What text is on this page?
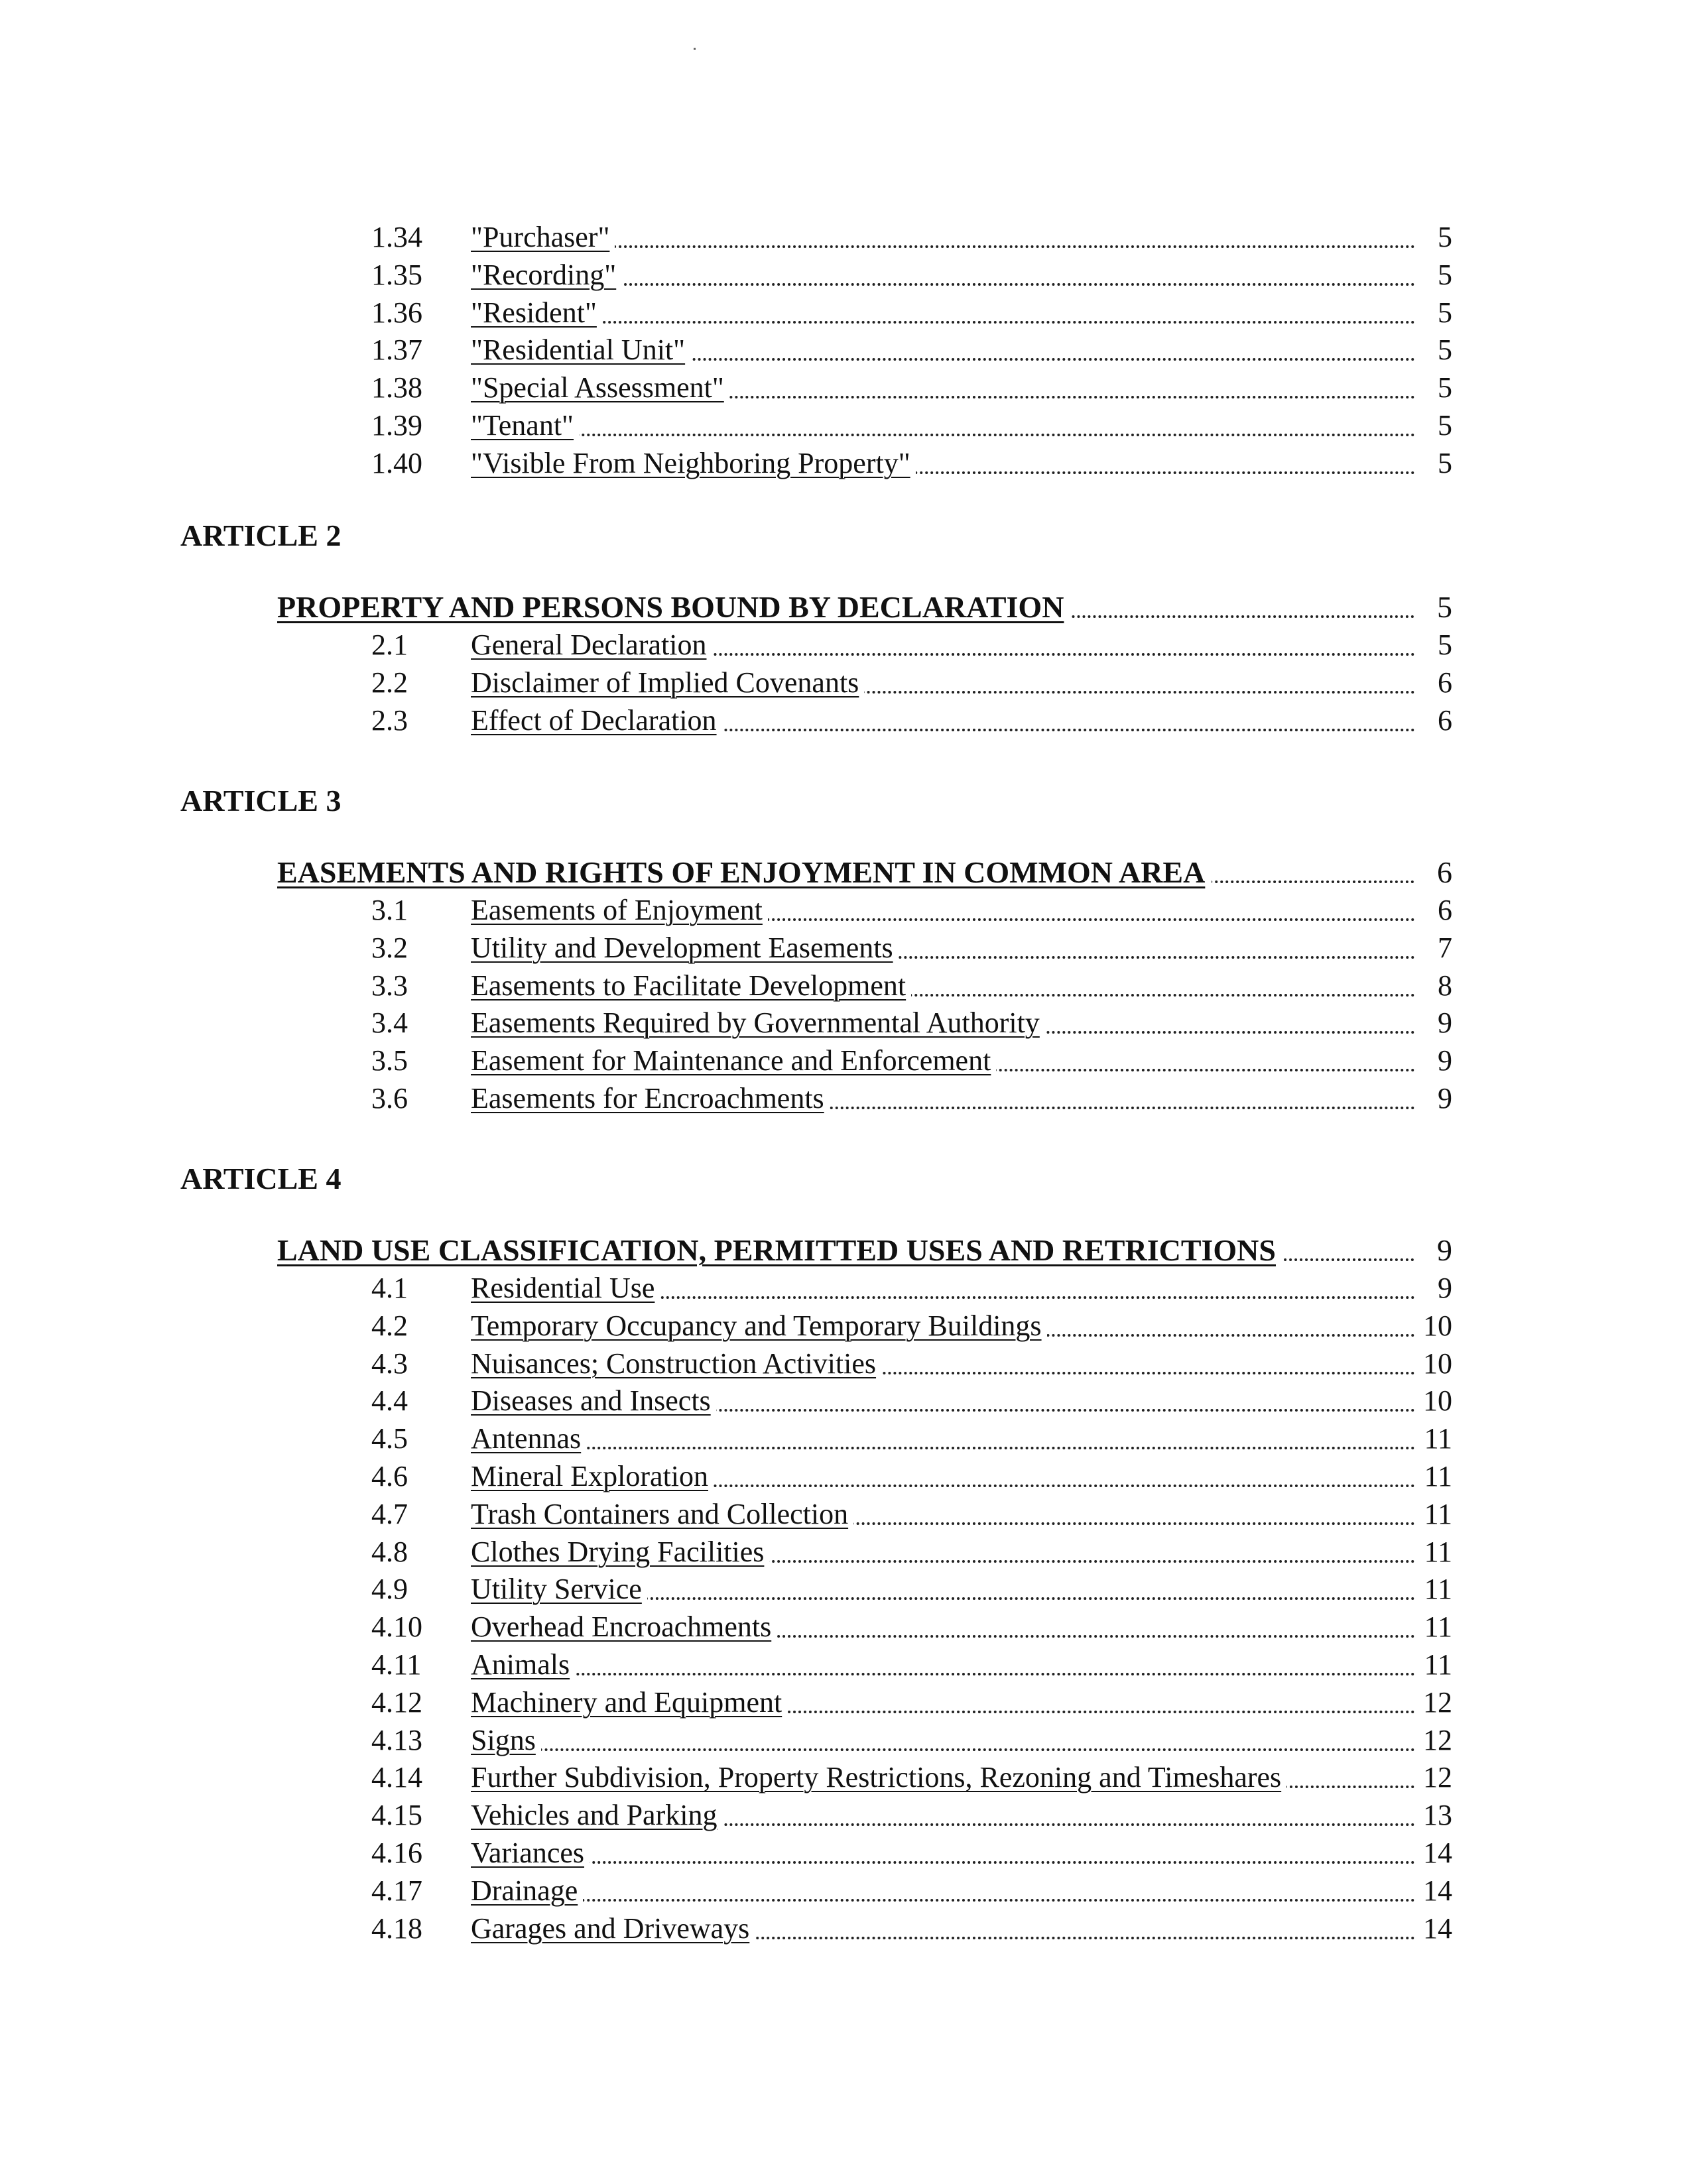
1.34 "Purchaser"	5
1.35 "Recording"	5
1.36 "Resident"	5
1.37 "Residential Unit"	5
1.38 "Special Assessment"	5
1.39 "Tenant"	5
1.40 "Visible From Neighboring Property"	5
ARTICLE 2
PROPERTY AND PERSONS BOUND BY DECLARATION	5
2.1 General Declaration	5
2.2 Disclaimer of Implied Covenants	6
2.3 Effect of Declaration	6
ARTICLE 3
EASEMENTS AND RIGHTS OF ENJOYMENT IN COMMON AREA	6
3.1 Easements of Enjoyment	6
3.2 Utility and Development Easements	7
3.3 Easements to Facilitate Development	8
3.4 Easements Required by Governmental Authority	9
3.5 Easement for Maintenance and Enforcement	9
3.6 Easements for Encroachments	9
ARTICLE 4
LAND USE CLASSIFICATION, PERMITTED USES AND RETRICTIONS	9
4.1 Residential Use	9
4.2 Temporary Occupancy and Temporary Buildings	10
4.3 Nuisances; Construction Activities	10
4.4 Diseases and Insects	10
4.5 Antennas	11
4.6 Mineral Exploration	11
4.7 Trash Containers and Collection	11
4.8 Clothes Drying Facilities	11
4.9 Utility Service	11
4.10 Overhead Encroachments	11
4.11 Animals	11
4.12 Machinery and Equipment	12
4.13 Signs	12
4.14 Further Subdivision, Property Restrictions, Rezoning and Timeshares	12
4.15 Vehicles and Parking	13
4.16 Variances	14
4.17 Drainage	14
4.18 Garages and Driveways	14
